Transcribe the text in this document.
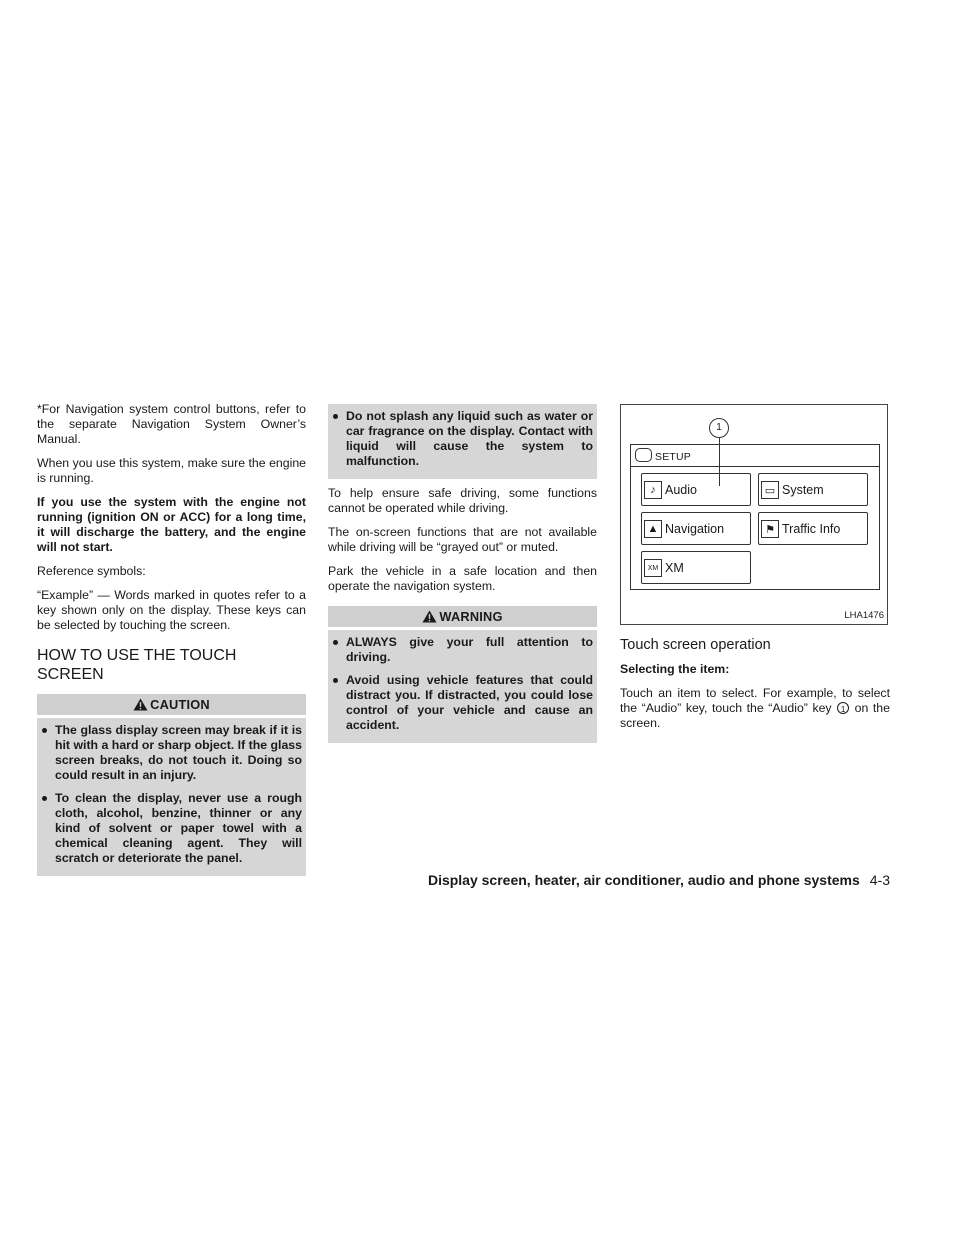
*For Navigation system control buttons, refer to the separate Navigation System Owner’s Manual.

When you use this system, make sure the engine is running.

If you use the system with the engine not running (ignition ON or ACC) for a long time, it will discharge the battery, and the engine will not start.

Reference symbols:

“Example” — Words marked in quotes refer to a key shown only on the display. These keys can be selected by touching the screen.

HOW TO USE THE TOUCH SCREEN
CAUTION
The glass display screen may break if it is hit with a hard or sharp object. If the glass screen breaks, do not touch it. Doing so could result in an injury.
To clean the display, never use a rough cloth, alcohol, benzine, thinner or any kind of solvent or paper towel with a chemical cleaning agent. They will scratch or deteriorate the panel.
Do not splash any liquid such as water or car fragrance on the display. Contact with liquid will cause the system to malfunction.

To help ensure safe driving, some functions cannot be operated while driving.

The on-screen functions that are not available while driving will be “grayed out” or muted.

Park the vehicle in a safe location and then operate the navigation system.

WARNING
ALWAYS give your full attention to driving.
Avoid using vehicle features that could distract you. If distracted, you could lose control of your vehicle and cause an accident.
1
SETUP
♪ Audio	▭ System
▲ Navigation	⚑ Traffic Info
XM XM
LHA1476
Touch screen operation

Selecting the item:

Touch an item to select. For example, to select the “Audio” key, touch the “Audio” key 1 on the screen.

Display screen, heater, air conditioner, audio and phone systems 4-3
